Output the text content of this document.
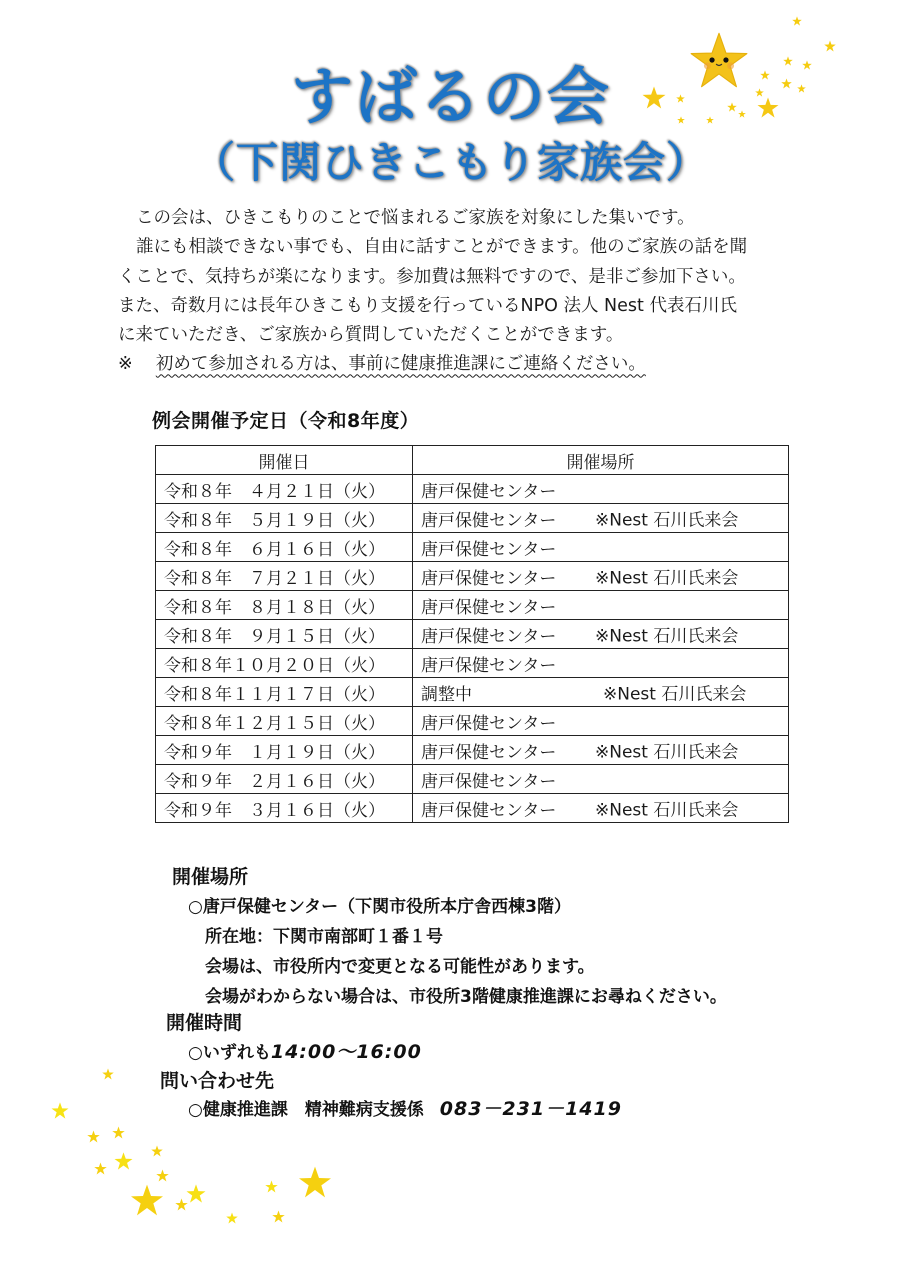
すばるの会
（下関ひきこもり家族会）
この会は、ひきこもりのことで悩まれるご家族を対象にした集いです。
誰にも相談できない事でも、自由に話すことができます。他のご家族の話を聞
くことで、気持ちが楽になります。参加費は無料ですので、是非ご参加下さい。
また、奇数月には長年ひきこもり支援を行っているNPO 法人 Nest 代表石川氏
に来ていただき、ご家族から質問していただくことができます。
※ 初めて参加される方は、事前に健康推進課にご連絡ください。
例会開催予定日（令和8年度）
開催日	開催場所
令和８年　４月２１日（火）	唐戸保健センター
令和８年　５月１９日（火）	唐戸保健センター ※Nest 石川氏来会

令和８年　６月１６日（火）	唐戸保健センター
令和８年　７月２１日（火）	唐戸保健センター ※Nest 石川氏来会

令和８年　８月１８日（火）	唐戸保健センター
令和８年　９月１５日（火）	唐戸保健センター ※Nest 石川氏来会

令和８年１０月２０日（火）	唐戸保健センター
令和８年１１月１７日（火）	調整中 ※Nest 石川氏来会

令和８年１２月１５日（火）	唐戸保健センター
令和９年　１月１９日（火）	唐戸保健センター ※Nest 石川氏来会

令和９年　２月１６日（火）	唐戸保健センター
令和９年　３月１６日（火）	唐戸保健センター ※Nest 石川氏来会
開催場所
○唐戸保健センター（下関市役所本庁舎西棟3階）
所在地：下関市南部町１番１号
会場は、市役所内で変更となる可能性があります。
会場がわからない場合は、市役所3階健康推進課にお尋ねください。
開催時間
○いずれも14:00～16:00
問い合わせ先
○健康推進課　精神難病支援係 083－231－1419
